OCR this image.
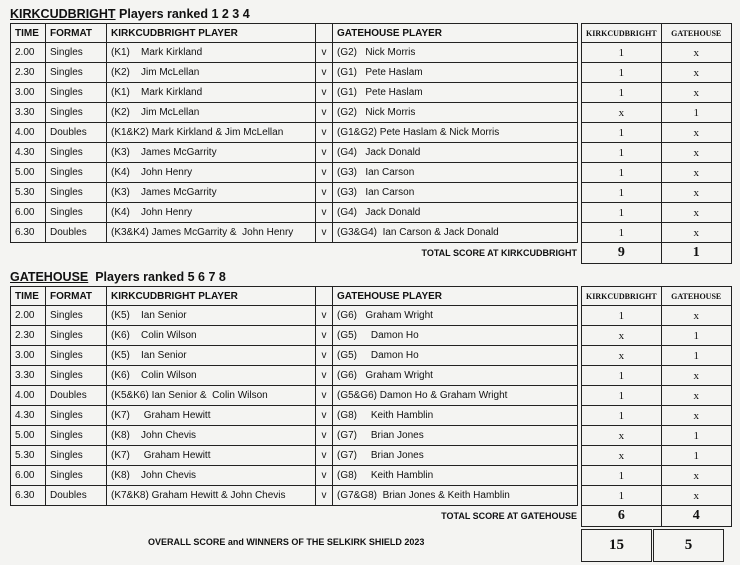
KIRKCUDBRIGHT Players ranked 1 2 3 4
TIME	FORMAT	KIRKCUDBRIGHT PLAYER		GATEHOUSE PLAYER		KIRKCUDBRIGHT	GATEHOUSE
2.00	Singles	(K1)    Mark Kirkland	v	(G2)   Nick Morris		1	x
2.30	Singles	(K2)    Jim McLellan	v	(G1)   Pete Haslam		1	x
3.00	Singles	(K1)    Mark Kirkland	v	(G1)   Pete Haslam		1	x
3.30	Singles	(K2)    Jim McLellan	v	(G2)   Nick Morris		x	1
4.00	Doubles	(K1&K2) Mark Kirkland & Jim McLellan	v	(G1&G2) Pete Haslam & Nick Morris		1	x
4.30	Singles	(K3)    James McGarrity	v	(G4)   Jack Donald		1	x
5.00	Singles	(K4)    John Henry	v	(G3)   Ian Carson		1	x
5.30	Singles	(K3)    James McGarrity	v	(G3)   Ian Carson		1	x
6.00	Singles	(K4)    John Henry	v	(G4)   Jack Donald		1	x
6.30	Doubles	(K3&K4) James McGarrity &  John Henry	v	(G3&G4)  Ian Carson & Jack Donald		1	x
TOTAL SCORE AT KIRKCUDBRIGHT						9	1
GATEHOUSE  Players ranked 5 6 7 8
TIME	FORMAT	KIRKCUDBRIGHT PLAYER		GATEHOUSE PLAYER		KIRKCUDBRIGHT	GATEHOUSE
2.00	Singles	(K5)    Ian Senior	v	(G6)   Graham Wright		1	x
2.30	Singles	(K6)    Colin Wilson	v	(G5)     Damon Ho		x	1
3.00	Singles	(K5)    Ian Senior	v	(G5)     Damon Ho		x	1
3.30	Singles	(K6)    Colin Wilson	v	(G6)   Graham Wright		1	x
4.00	Doubles	(K5&K6) Ian Senior &  Colin Wilson	v	(G5&G6) Damon Ho & Graham Wright		1	x
4.30	Singles	(K7)     Graham Hewitt	v	(G8)     Keith Hamblin		1	x
5.00	Singles	(K8)    John Chevis	v	(G7)     Brian Jones		x	1
5.30	Singles	(K7)     Graham Hewitt	v	(G7)     Brian Jones		x	1
6.00	Singles	(K8)    John Chevis	v	(G8)     Keith Hamblin		1	x
6.30	Doubles	(K7&K8) Graham Hewitt & John Chevis	v	(G7&G8)  Brian Jones & Keith Hamblin		1	x
TOTAL SCORE AT GATEHOUSE						6	4
OVERALL SCORE and WINNERS OF THE SELKIRK SHIELD 2023	15	5
